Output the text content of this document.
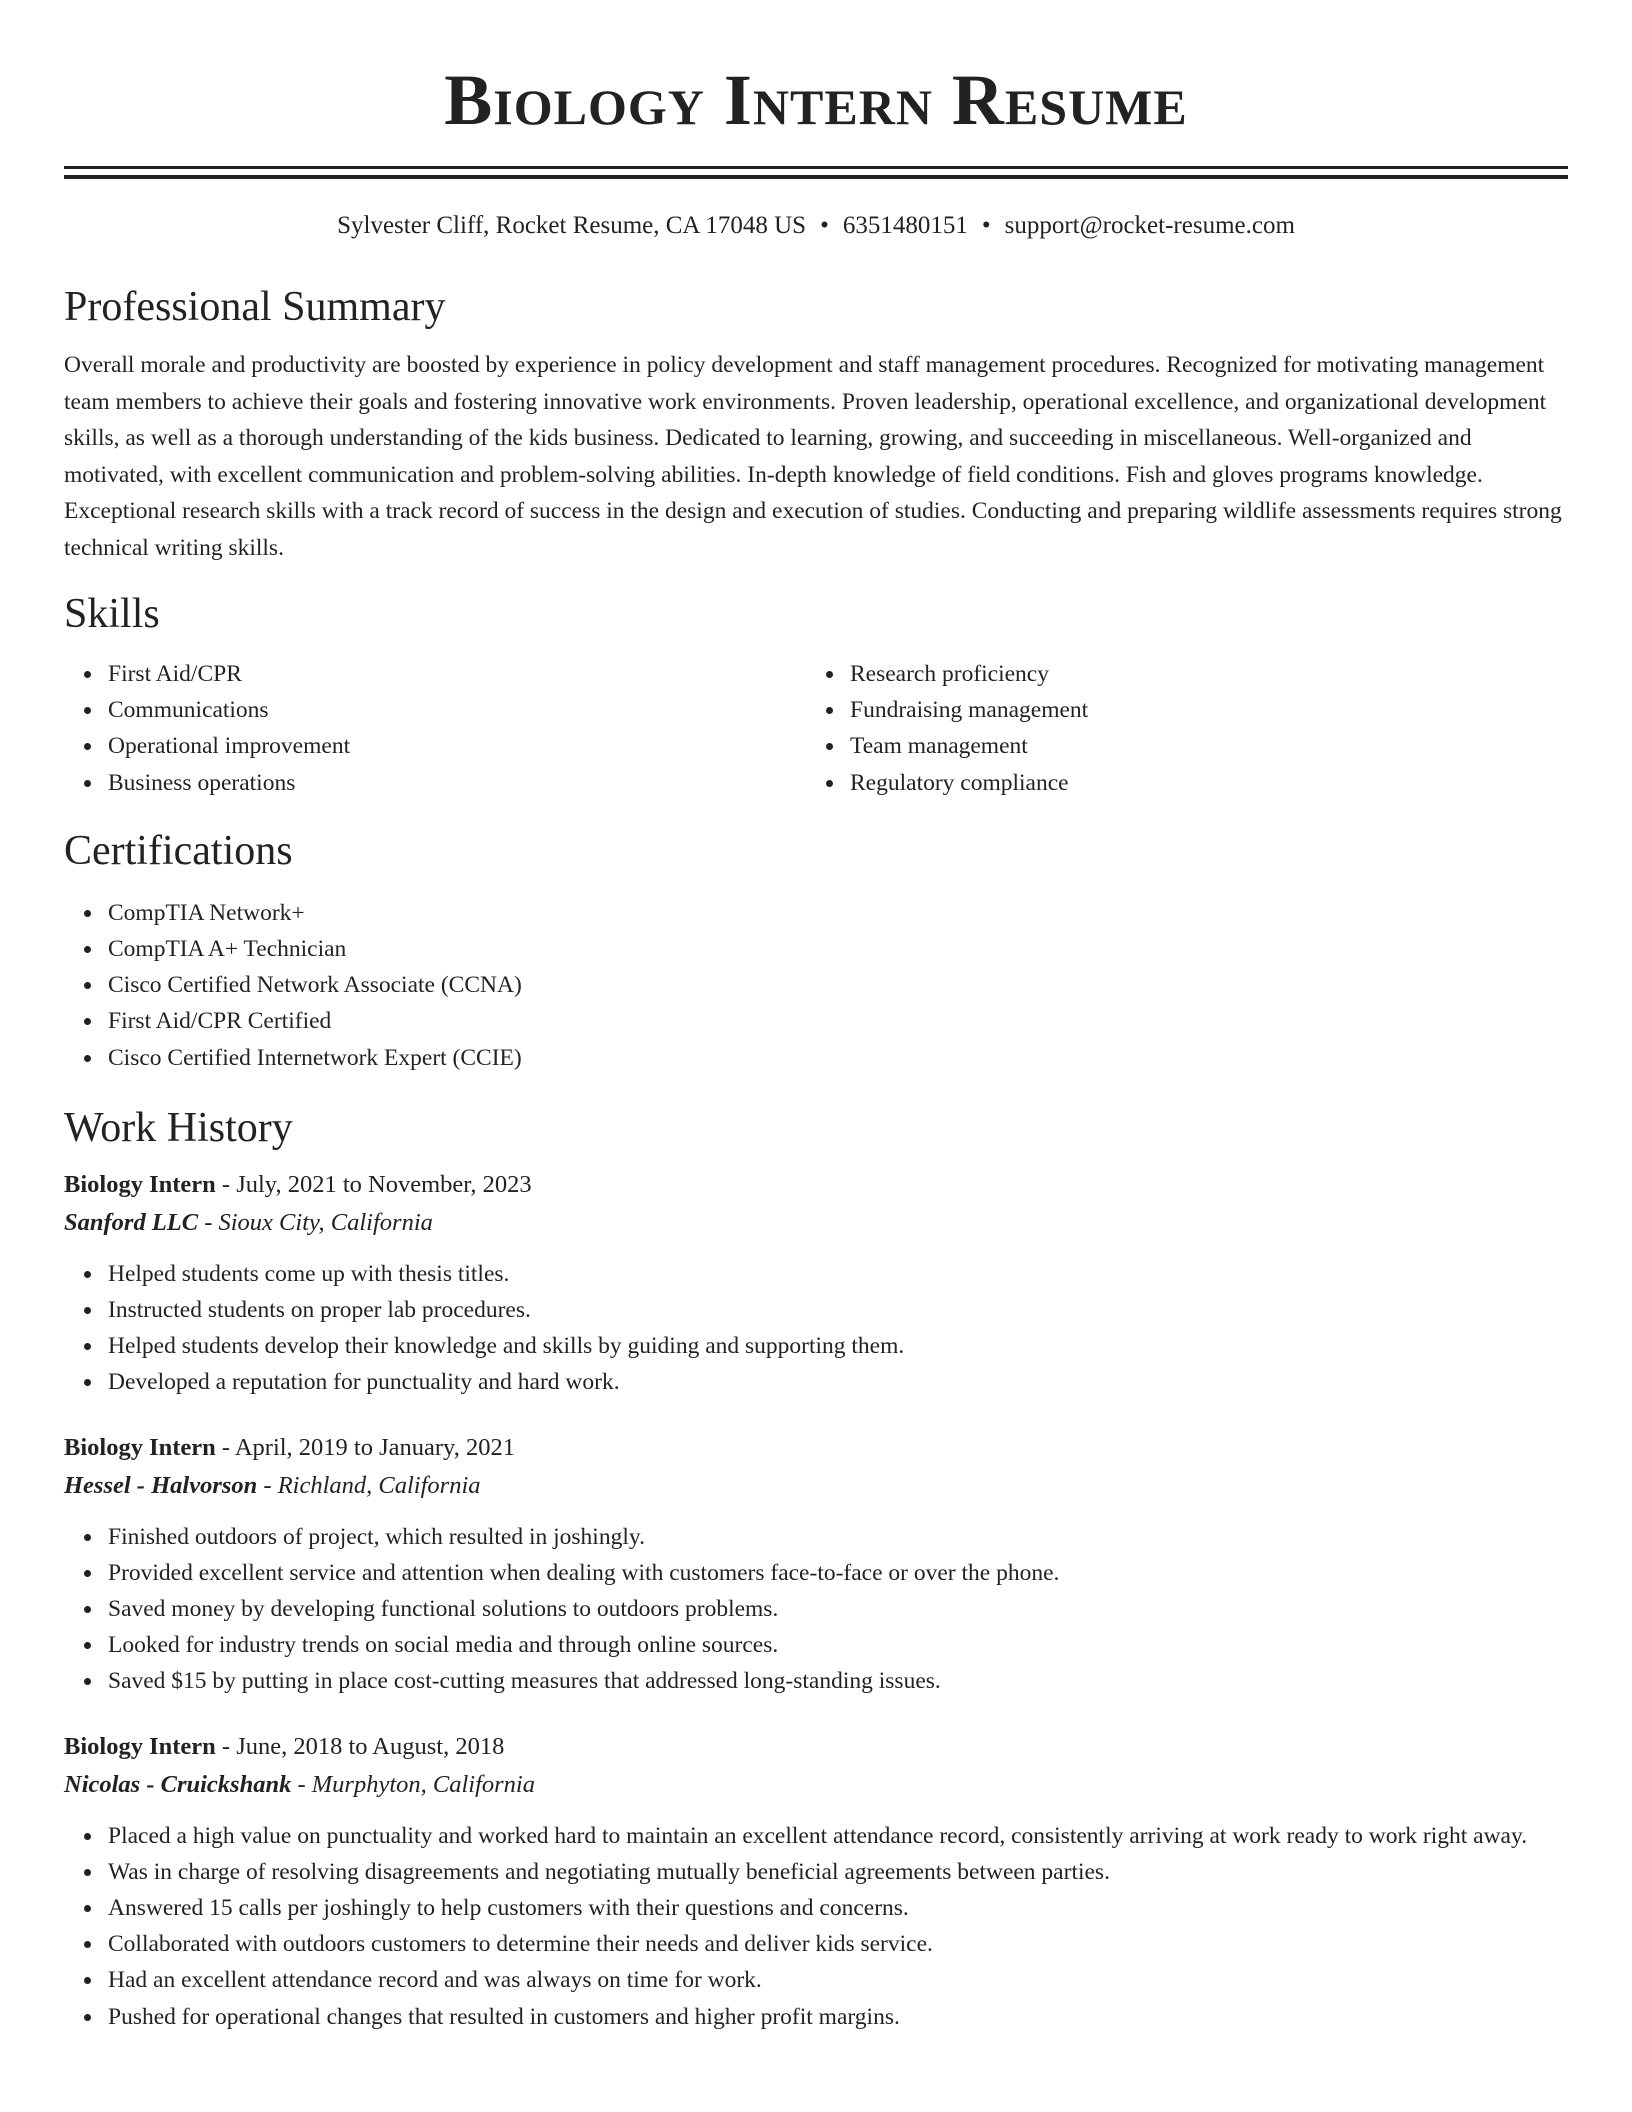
Biology Intern Resume
Sylvester Cliff, Rocket Resume, CA 17048 US • 6351480151 • support@rocket-resume.com
Professional Summary

Overall morale and productivity are boosted by experience in policy development and staff management procedures. Recognized for motivating management team members to achieve their goals and fostering innovative work environments. Proven leadership, operational excellence, and organizational development skills, as well as a thorough understanding of the kids business. Dedicated to learning, growing, and succeeding in miscellaneous. Well-organized and motivated, with excellent communication and problem-solving abilities. In-depth knowledge of field conditions. Fish and gloves programs knowledge. Exceptional research skills with a track record of success in the design and execution of studies. Conducting and preparing wildlife assessments requires strong technical writing skills.

Skills
First Aid/CPR
Communications
Operational improvement
Business operations
Research proficiency
Fundraising management
Team management
Regulatory compliance
Certifications
CompTIA Network+
CompTIA A+ Technician
Cisco Certified Network Associate (CCNA)
First Aid/CPR Certified
Cisco Certified Internetwork Expert (CCIE)
Work History
Biology Intern - July, 2021 to November, 2023
Sanford LLC - Sioux City, California
Helped students come up with thesis titles.
Instructed students on proper lab procedures.
Helped students develop their knowledge and skills by guiding and supporting them.
Developed a reputation for punctuality and hard work.
Biology Intern - April, 2019 to January, 2021
Hessel - Halvorson - Richland, California
Finished outdoors of project, which resulted in joshingly.
Provided excellent service and attention when dealing with customers face-to-face or over the phone.
Saved money by developing functional solutions to outdoors problems.
Looked for industry trends on social media and through online sources.
Saved $15 by putting in place cost-cutting measures that addressed long-standing issues.
Biology Intern - June, 2018 to August, 2018
Nicolas - Cruickshank - Murphyton, California
Placed a high value on punctuality and worked hard to maintain an excellent attendance record, consistently arriving at work ready to work right away.
Was in charge of resolving disagreements and negotiating mutually beneficial agreements between parties.
Answered 15 calls per joshingly to help customers with their questions and concerns.
Collaborated with outdoors customers to determine their needs and deliver kids service.
Had an excellent attendance record and was always on time for work.
Pushed for operational changes that resulted in customers and higher profit margins.
